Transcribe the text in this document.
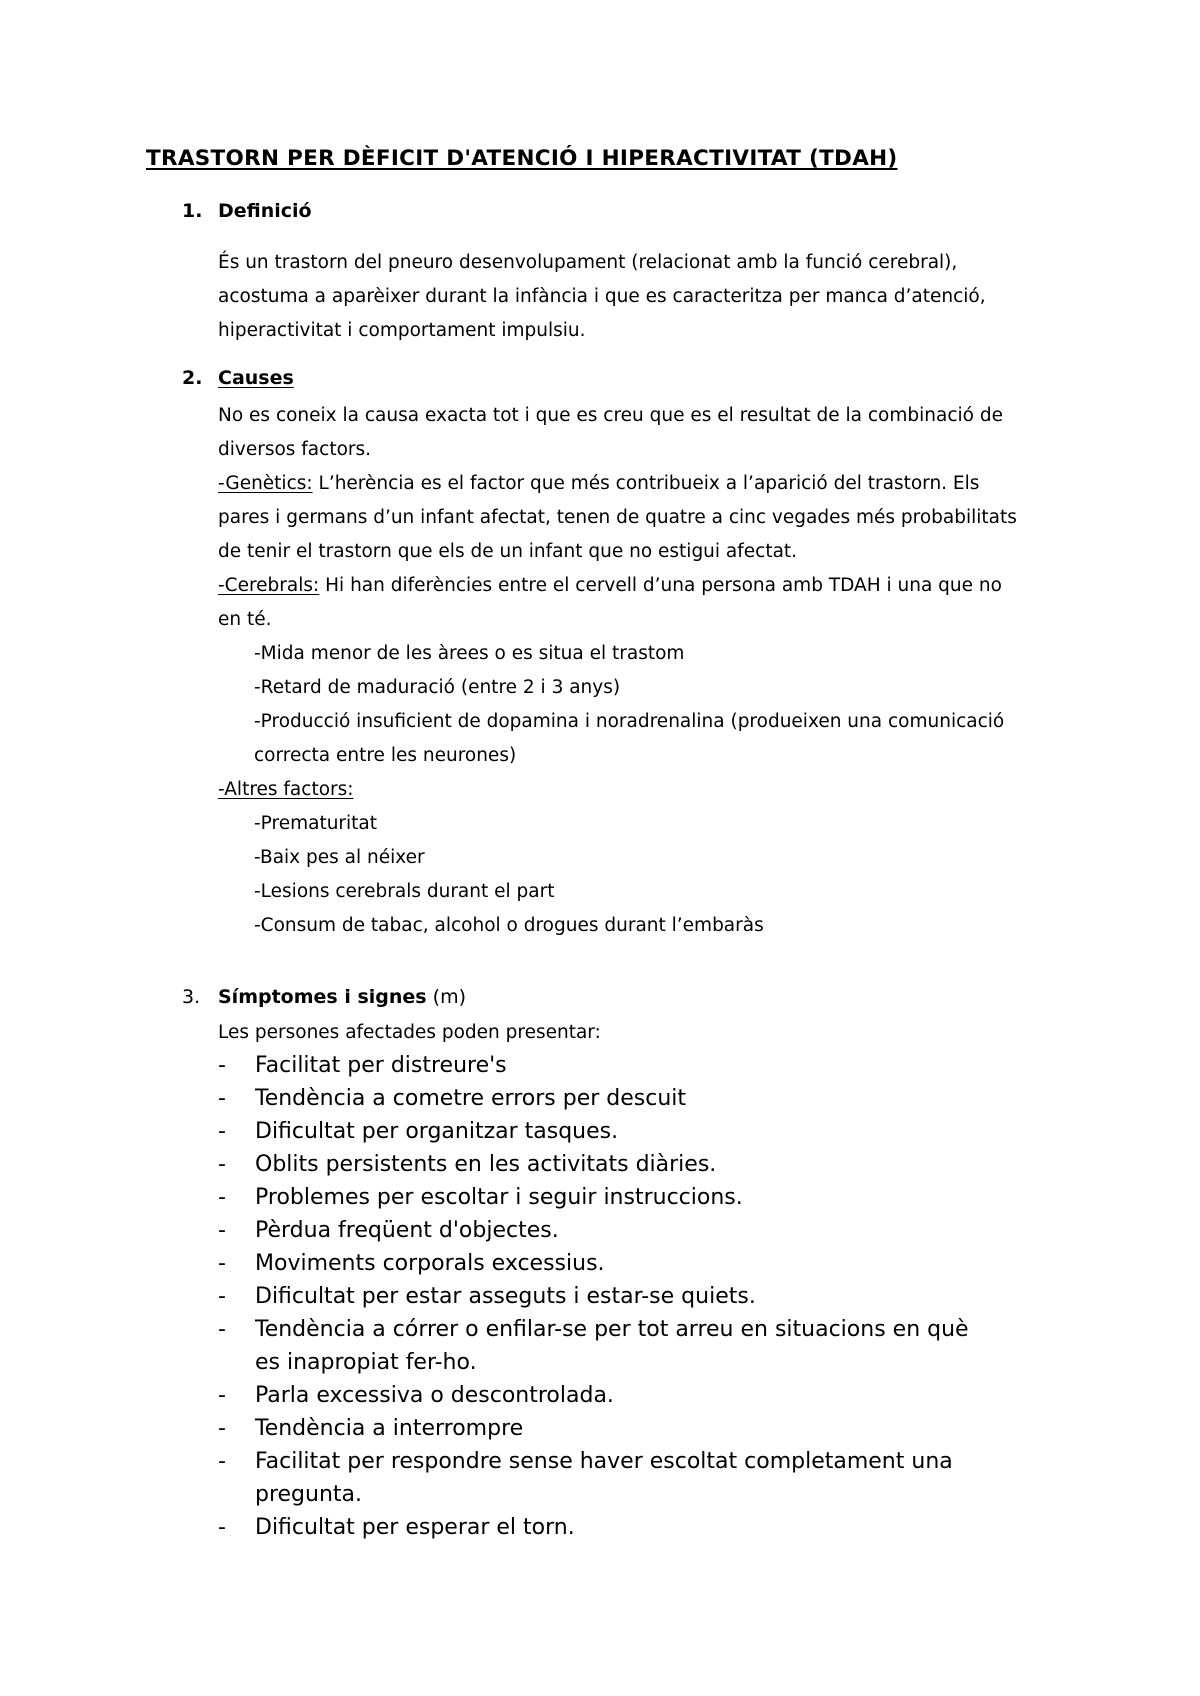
TRASTORN PER DÈFICIT D'ATENCIÓ I HIPERACTIVITAT (TDAH)
1. Definició
És un trastorn del pneuro desenvolupament (relacionat amb la funció cerebral),
acostuma a aparèixer durant la infància i que es caracteritza per manca d’atenció,
hiperactivitat i comportament impulsiu.
2. Causes
No es coneix la causa exacta tot i que es creu que es el resultat de la combinació de
diversos factors.
-Genètics: L’herència es el factor que més contribueix a l’aparició del trastorn. Els
pares i germans d’un infant afectat, tenen de quatre a cinc vegades més probabilitats
de tenir el trastorn que els de un infant que no estigui afectat.
-Cerebrals: Hi han diferències entre el cervell d’una persona amb TDAH i una que no
en té.
-Mida menor de les àrees o es situa el trastom
-Retard de maduració (entre 2 i 3 anys)
-Producció insuficient de dopamina i noradrenalina (produeixen una comunicació
correcta entre les neurones)
-Altres factors:
-Prematuritat
-Baix pes al néixer
-Lesions cerebrals durant el part
-Consum de tabac, alcohol o drogues durant l’embaràs
3. Símptomes i signes (m)
Les persones afectades poden presentar:
- Facilitat per distreure's
- Tendència a cometre errors per descuit
- Dificultat per organitzar tasques.
- Oblits persistents en les activitats diàries.
- Problemes per escoltar i seguir instruccions.
- Pèrdua freqüent d'objectes.
- Moviments corporals excessius.
- Dificultat per estar asseguts i estar-se quiets.
- Tendència a córrer o enfilar-se per tot arreu en situacions en què
es inapropiat fer-ho.
- Parla excessiva o descontrolada.
- Tendència a interrompre
- Facilitat per respondre sense haver escoltat completament una
pregunta.
- Dificultat per esperar el torn.
